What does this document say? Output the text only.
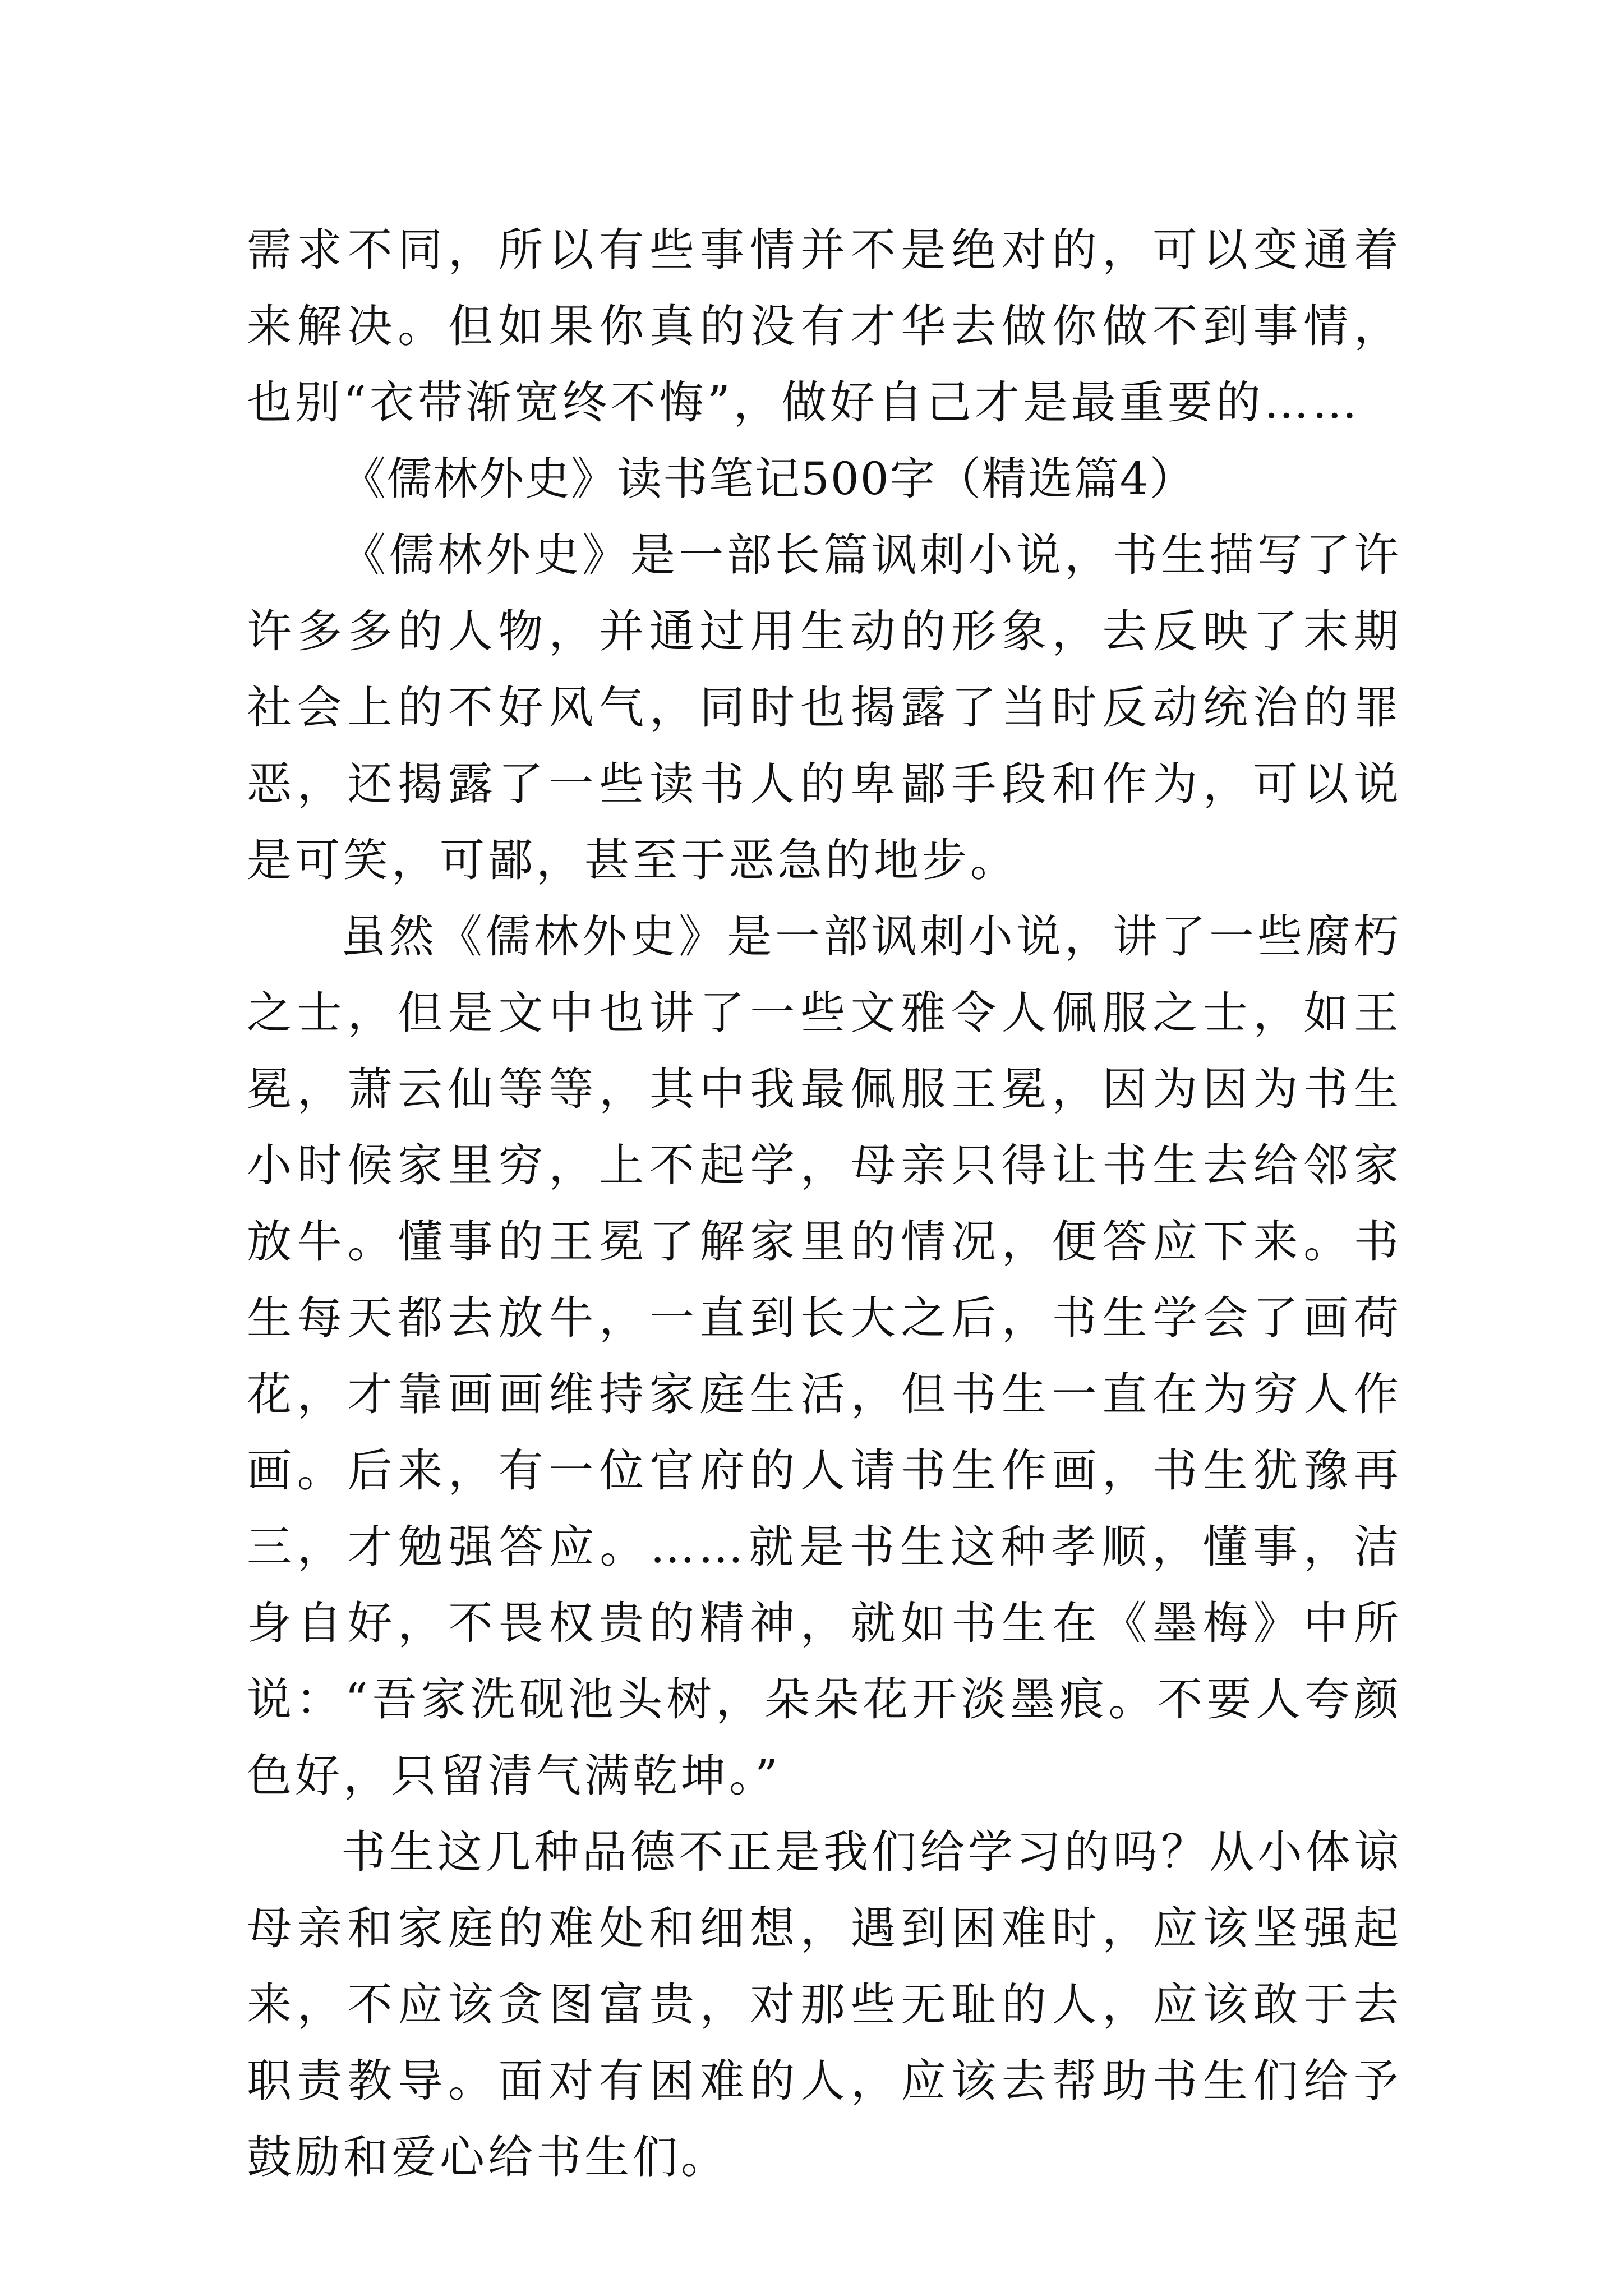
需求不同，所以有些事情并不是绝对的，可以变通着来解决。但如果你真的没有才华去做你做不到事情，也别“衣带渐宽终不悔”，做好自己才是最重要的……

《儒林外史》读书笔记500字（精选篇4）

《儒林外史》是一部长篇讽刺小说，书生描写了许许多多的人物，并通过用生动的形象，去反映了末期社会上的不好风气，同时也揭露了当时反动统治的罪恶，还揭露了一些读书人的卑鄙手段和作为，可以说是可笑，可鄙，甚至于恶急的地步。

虽然《儒林外史》是一部讽刺小说，讲了一些腐朽之士，但是文中也讲了一些文雅令人佩服之士，如王冕，萧云仙等等，其中我最佩服王冕，因为因为书生小时候家里穷，上不起学，母亲只得让书生去给邻家放牛。懂事的王冕了解家里的情况，便答应下来。书生每天都去放牛，一直到长大之后，书生学会了画荷花，才靠画画维持家庭生活，但书生一直在为穷人作画。后来，有一位官府的人请书生作画，书生犹豫再三，才勉强答应。……就是书生这种孝顺，懂事，洁身自好，不畏权贵的精神，就如书生在《墨梅》中所说：“吾家洗砚池头树，朵朵花开淡墨痕。不要人夸颜色好，只留清气满乾坤。”

书生这几种品德不正是我们给学习的吗？从小体谅母亲和家庭的难处和细想，遇到困难时，应该坚强起来，不应该贪图富贵，对那些无耻的人，应该敢于去职责教导。面对有困难的人，应该去帮助书生们给予鼓励和爱心给书生们。
